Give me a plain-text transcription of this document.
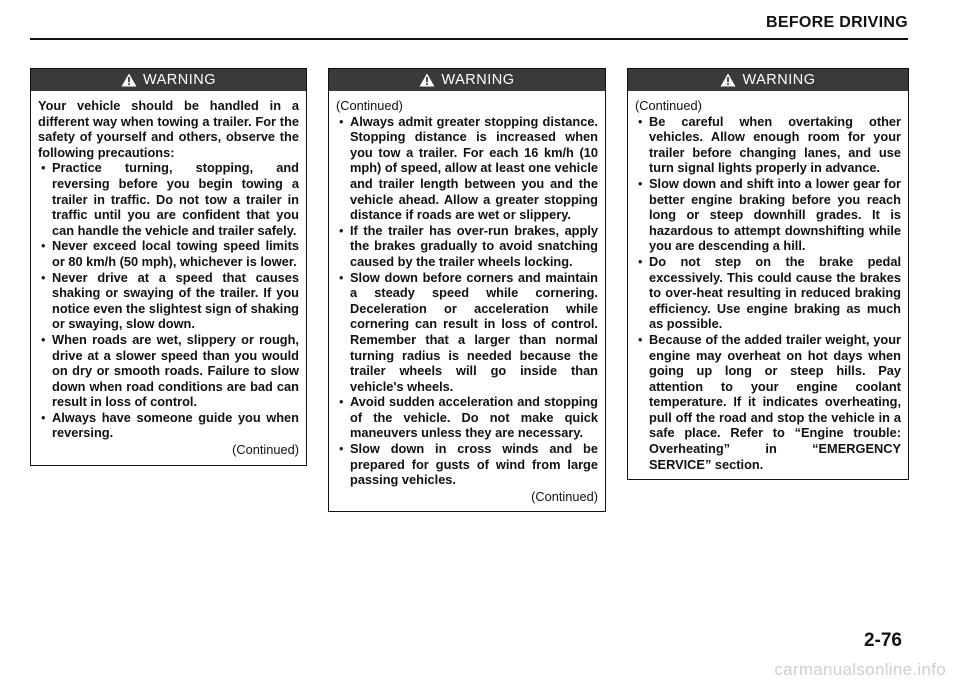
BEFORE DRIVING
WARNING

Your vehicle should be handled in a different way when towing a trailer. For the safety of yourself and others, observe the following precautions:

• Practice turning, stopping, and reversing before you begin towing a trailer in traffic. Do not tow a trailer in traffic until you are confident that you can handle the vehicle and trailer safely.
• Never exceed local towing speed limits or 80 km/h (50 mph), whichever is lower.
• Never drive at a speed that causes shaking or swaying of the trailer. If you notice even the slightest sign of shaking or swaying, slow down.
• When roads are wet, slippery or rough, drive at a slower speed than you would on dry or smooth roads. Failure to slow down when road conditions are bad can result in loss of control.
• Always have someone guide you when reversing.
(Continued)
WARNING

(Continued)

• Always admit greater stopping distance. Stopping distance is increased when you tow a trailer. For each 16 km/h (10 mph) of speed, allow at least one vehicle and trailer length between you and the vehicle ahead. Allow a greater stopping distance if roads are wet or slippery.
• If the trailer has over-run brakes, apply the brakes gradually to avoid snatching caused by the trailer wheels locking.
• Slow down before corners and maintain a steady speed while cornering. Deceleration or acceleration while cornering can result in loss of control. Remember that a larger than normal turning radius is needed because the trailer wheels will go inside than vehicle's wheels.
• Avoid sudden acceleration and stopping of the vehicle. Do not make quick maneuvers unless they are necessary.
• Slow down in cross winds and be prepared for gusts of wind from large passing vehicles.
(Continued)
WARNING

(Continued)

• Be careful when overtaking other vehicles. Allow enough room for your trailer before changing lanes, and use turn signal lights properly in advance.
• Slow down and shift into a lower gear for better engine braking before you reach long or steep downhill grades. It is hazardous to attempt downshifting while you are descending a hill.
• Do not step on the brake pedal excessively. This could cause the brakes to over-heat resulting in reduced braking efficiency. Use engine braking as much as possible.
• Because of the added trailer weight, your engine may overheat on hot days when going up long or steep hills. Pay attention to your engine coolant temperature. If it indicates overheating, pull off the road and stop the vehicle in a safe place. Refer to “Engine trouble: Overheating” in “EMERGENCY SERVICE” section.
2-76
carmanualsonline.info
